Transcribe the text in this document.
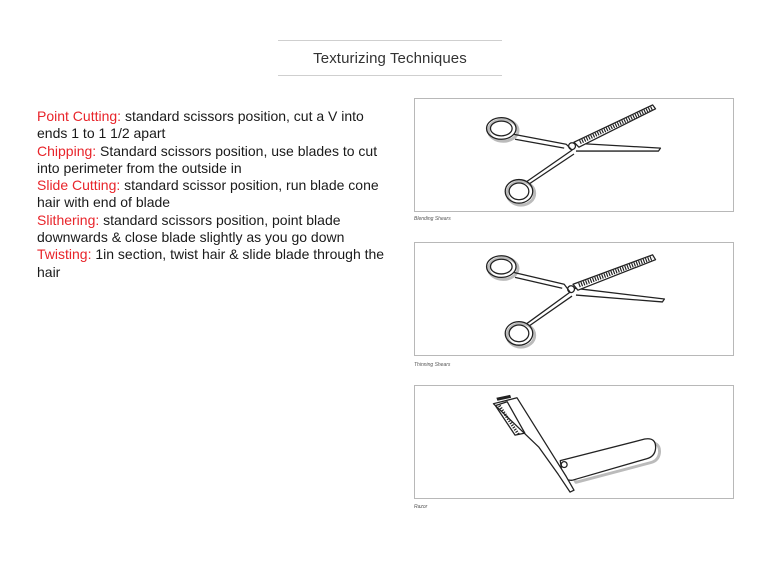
Texturizing Techniques

Point Cutting: standard scissors position, cut a V into ends 1 to 1 1/2 apart

Chipping: Standard scissors position, use blades to cut into perimeter from the outside in

Slide Cutting: standard scissor position, run blade cone hair with end of blade

Slithering: standard scissors position, point blade downwards & close blade slightly as you go down

Twisting: 1in section, twist hair & slide blade through the hair

Blending Shears
Thinning Shears
Razor
